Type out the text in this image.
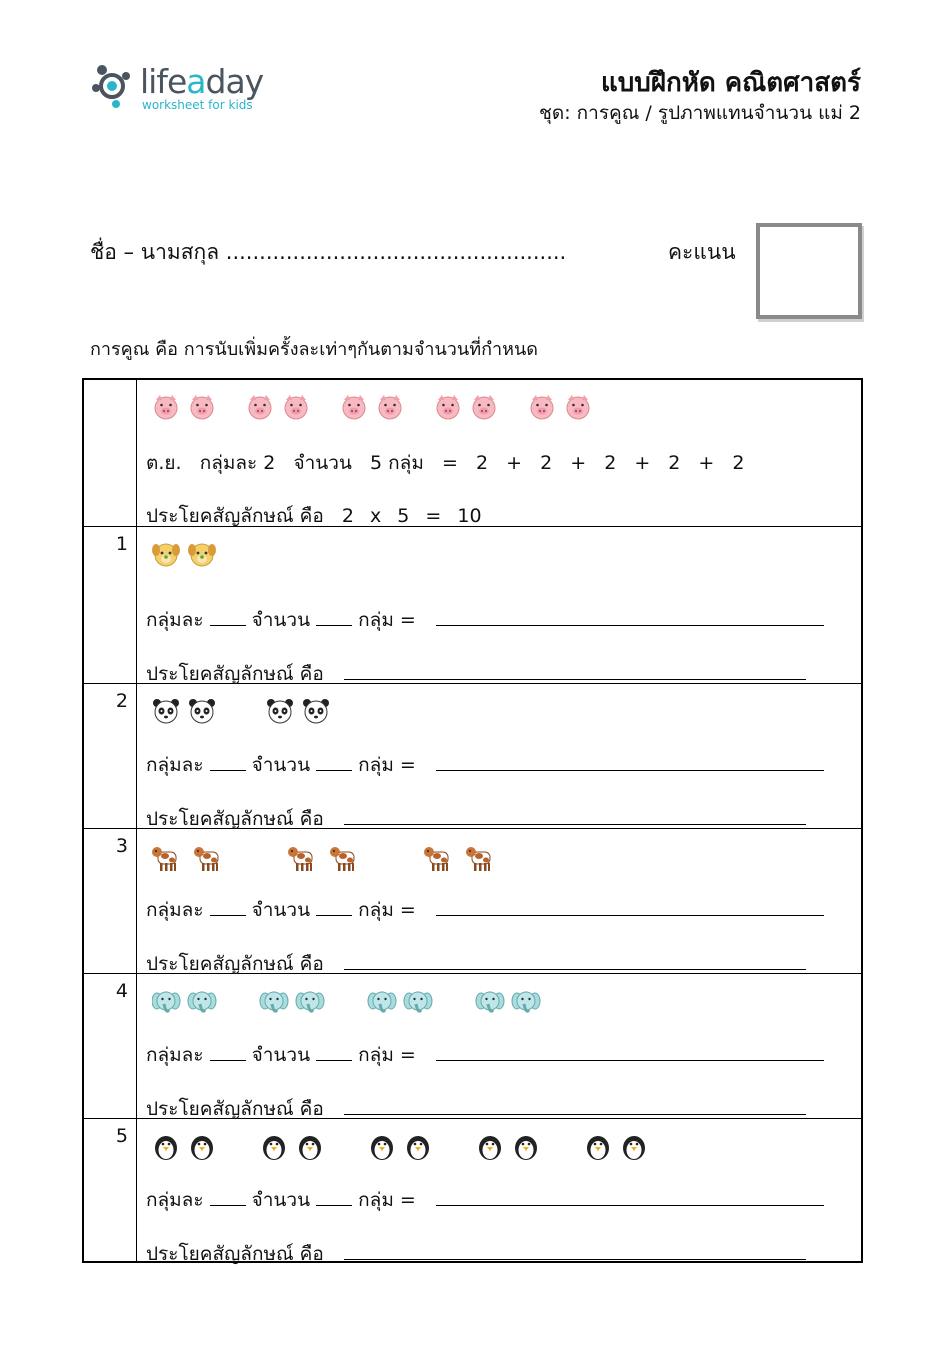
lifeaday
worksheet for kids
แบบฝึกหัด คณิตศาสตร์
ชุด: การคูณ / รูปภาพแทนจำนวน แม่ 2
ชื่อ – นามสกุล ...................................................	คะแนน
การคูณ คือ การนับเพิ่มครั้งละเท่าๆกันตามจำนวนที่กำหนด
ต.ย. กลุ่มละ 2 จำนวน 5 กลุ่ม = 2 + 2 + 2 + 2 + 2
ประโยคสัญลักษณ์ คือ 2 x 5 = 10
1
กลุ่มละ	จำนวน	กลุ่ม =
ประโยคสัญลักษณ์ คือ
2
กลุ่มละ	จำนวน	กลุ่ม =
ประโยคสัญลักษณ์ คือ
3
กลุ่มละ	จำนวน	กลุ่ม =
ประโยคสัญลักษณ์ คือ
4
กลุ่มละ	จำนวน	กลุ่ม =
ประโยคสัญลักษณ์ คือ
5
กลุ่มละ	จำนวน	กลุ่ม =
ประโยคสัญลักษณ์ คือ
